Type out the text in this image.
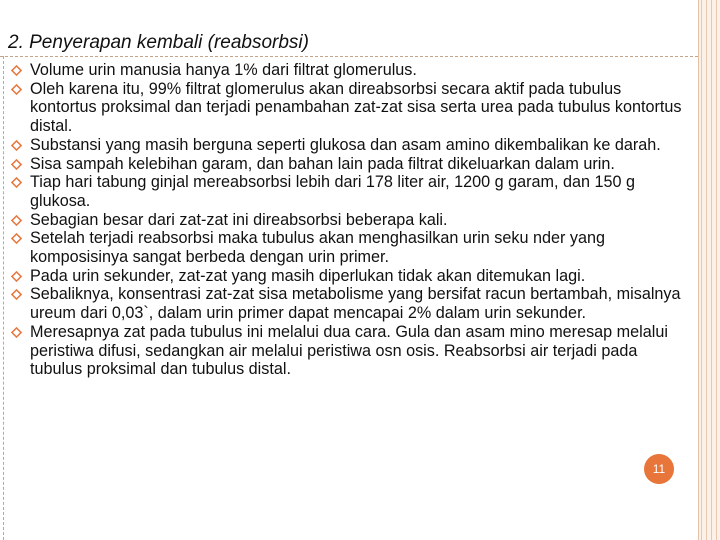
2. Penyerapan kembali (reabsorbsi)
Volume urin manusia hanya 1% dari filtrat glomerulus.
Oleh karena itu, 99% filtrat glomerulus akan direabsorbsi secara aktif pada tubulus kontortus proksimal dan terjadi penambahan zat-zat sisa serta urea pada tubulus kontortus distal.
Substansi yang masih berguna seperti glukosa dan asam amino dikembalikan ke darah.
Sisa sampah kelebihan garam, dan bahan lain pada filtrat dikeluarkan dalam urin.
Tiap hari tabung ginjal mereabsorbsi lebih dari 178 liter air, 1200 g garam, dan 150 g glukosa.
Sebagian besar dari zat-zat ini direabsorbsi beberapa kali.
Setelah terjadi reabsorbsi maka tubulus akan menghasilkan urin seku nder yang komposisinya sangat berbeda dengan urin primer.
Pada urin sekunder, zat-zat yang masih diperlukan tidak akan ditemukan lagi.
Sebaliknya, konsentrasi zat-zat sisa metabolisme yang bersifat racun bertambah, misalnya ureum dari 0,03`, dalam urin primer dapat mencapai 2% dalam urin sekunder.
Meresapnya zat pada tubulus ini melalui dua cara. Gula dan asam mino meresap melalui peristiwa difusi, sedangkan air melalui peristiwa osn osis. Reabsorbsi air terjadi pada tubulus proksimal dan tubulus distal.
11
